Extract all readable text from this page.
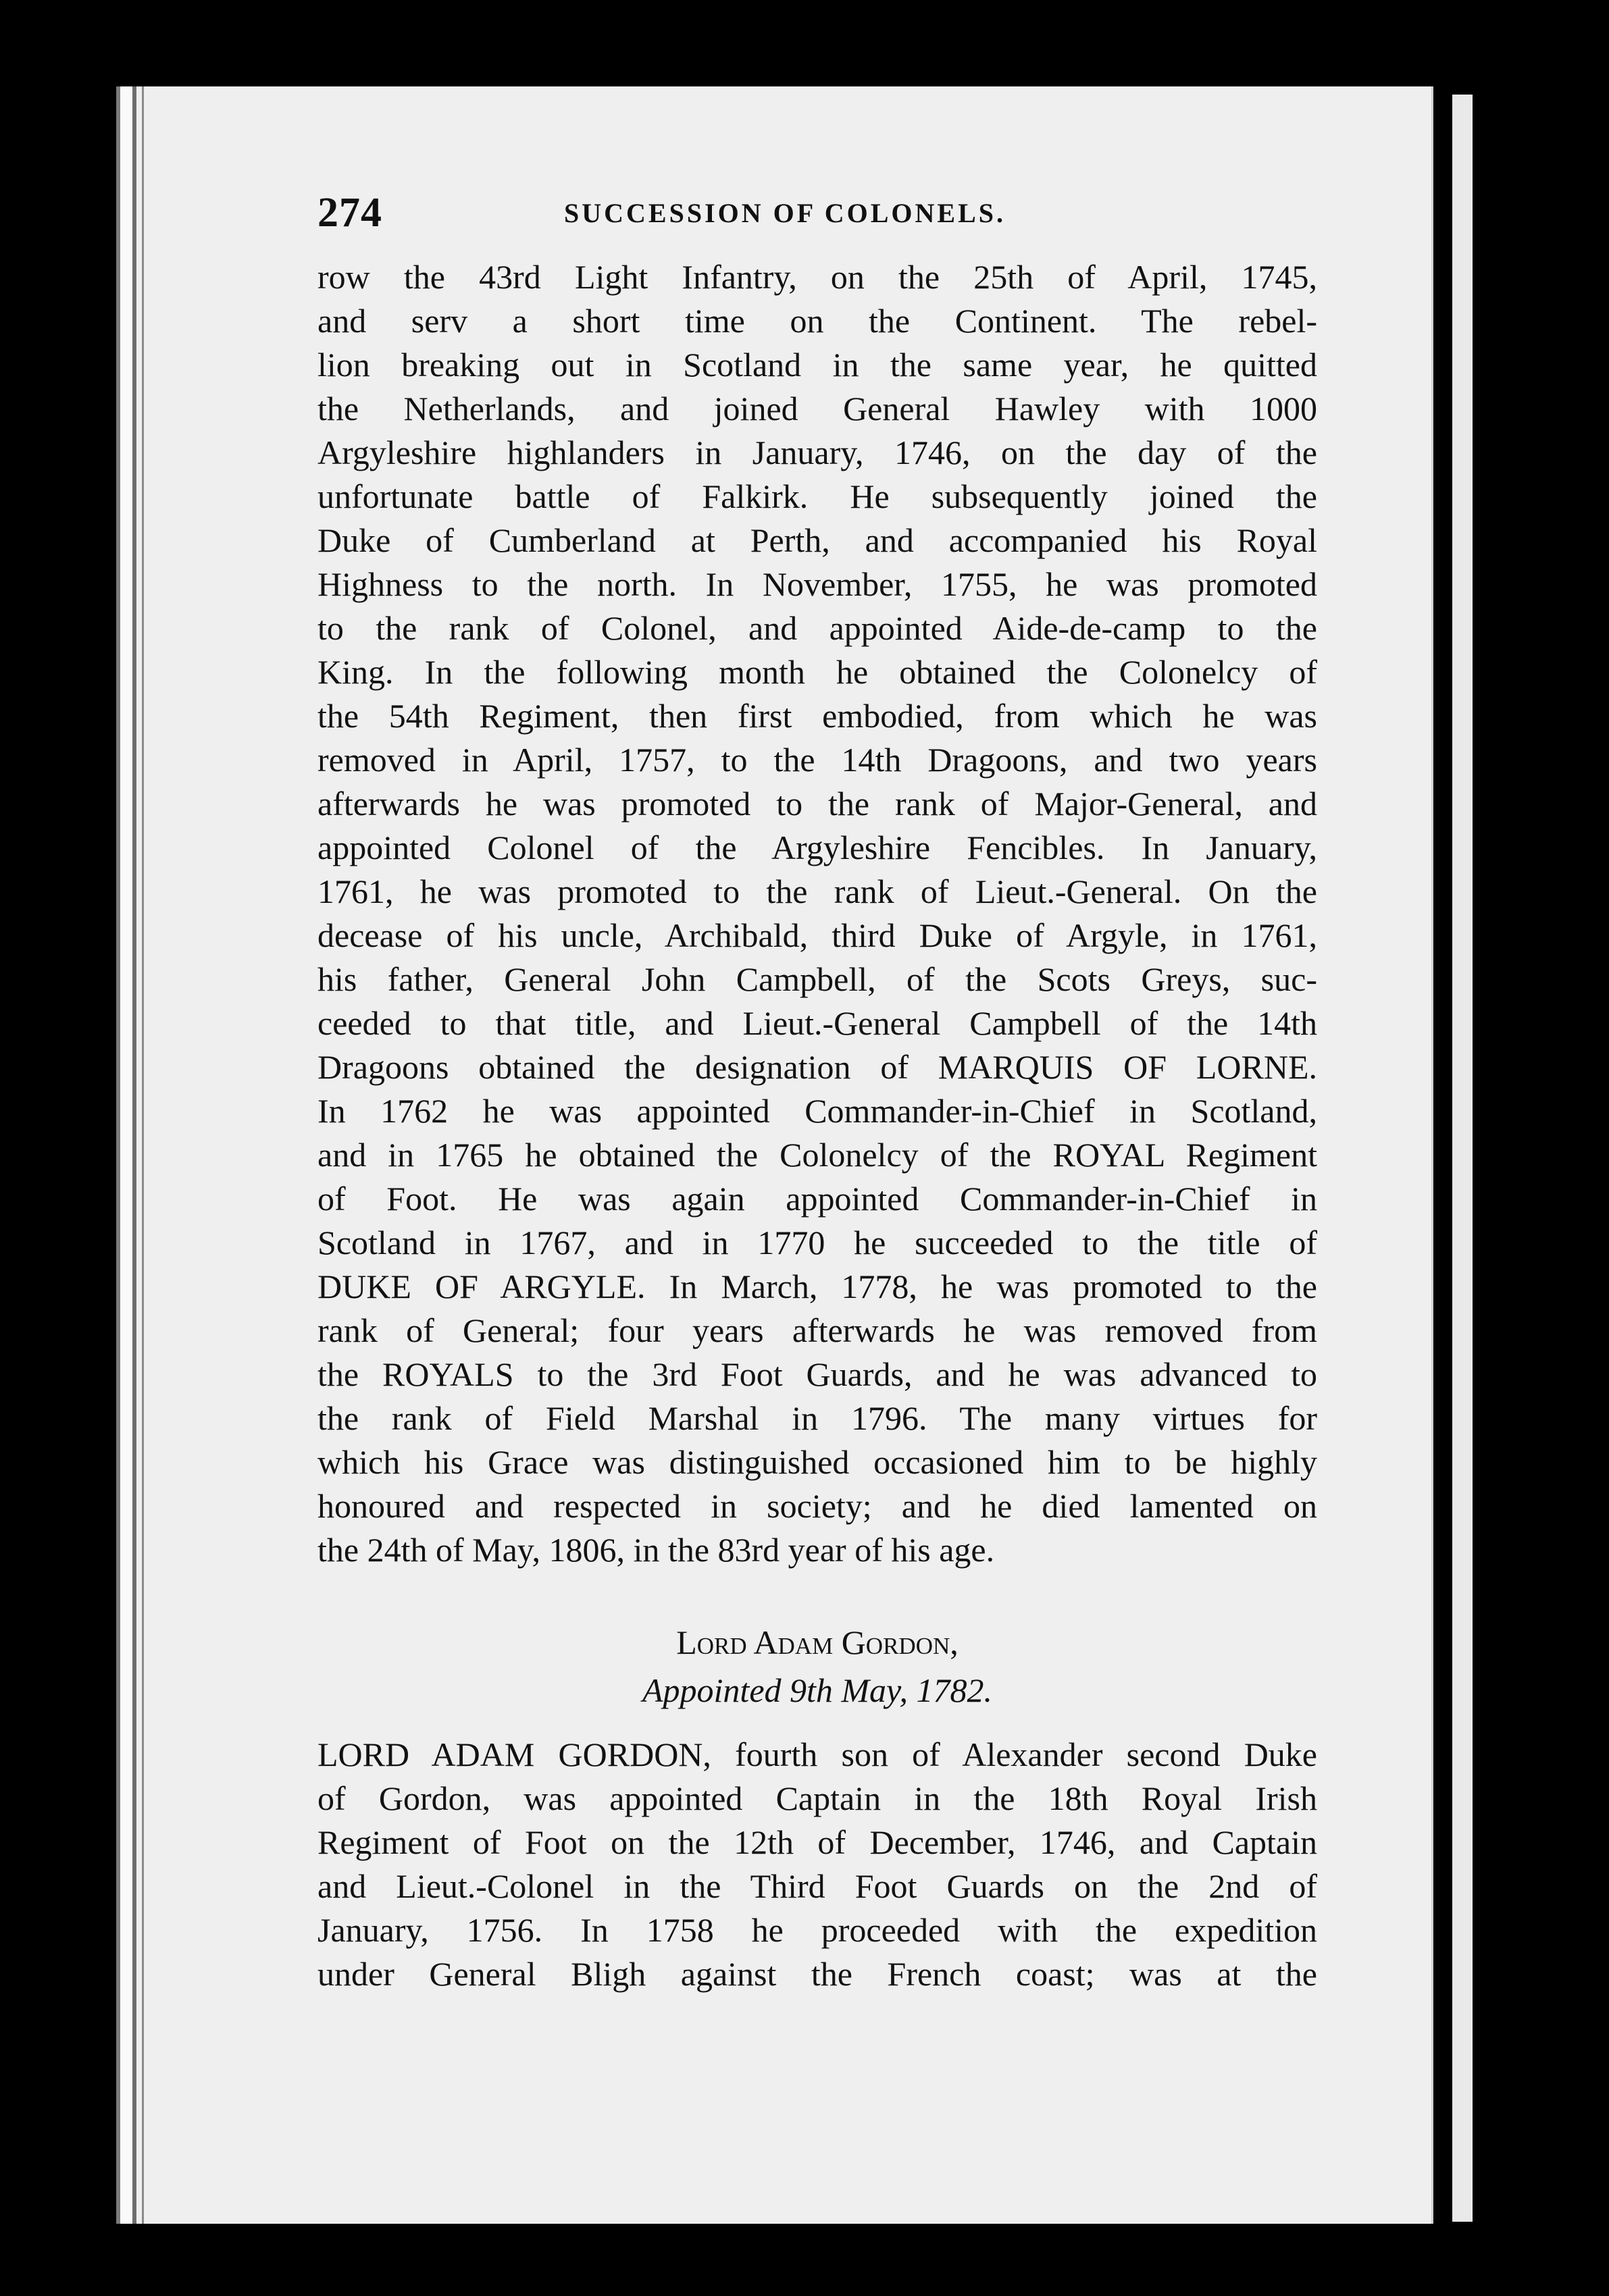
274	SUCCESSION OF COLONELS.
row the 43rd Light Infantry, on the 25th of April, 1745,
and serv a short time on the Continent. The rebel-
lion breaking out in Scotland in the same year, he quitted
the Netherlands, and joined General Hawley with 1000
Argyleshire highlanders in January, 1746, on the day of the
unfortunate battle of Falkirk. He subsequently joined the
Duke of Cumberland at Perth, and accompanied his Royal
Highness to the north. In November, 1755, he was promoted
to the rank of Colonel, and appointed Aide-de-camp to the
King. In the following month he obtained the Colonelcy of
the 54th Regiment, then first embodied, from which he was
removed in April, 1757, to the 14th Dragoons, and two years
afterwards he was promoted to the rank of Major-General, and
appointed Colonel of the Argyleshire Fencibles. In January,
1761, he was promoted to the rank of Lieut.-General. On the
decease of his uncle, Archibald, third Duke of Argyle, in 1761,
his father, General John Campbell, of the Scots Greys, suc-
ceeded to that title, and Lieut.-General Campbell of the 14th
Dragoons obtained the designation of MARQUIS OF LORNE.
In 1762 he was appointed Commander-in-Chief in Scotland,
and in 1765 he obtained the Colonelcy of the ROYAL Regiment
of Foot. He was again appointed Commander-in-Chief in
Scotland in 1767, and in 1770 he succeeded to the title of
DUKE OF ARGYLE. In March, 1778, he was promoted to the
rank of General; four years afterwards he was removed from
the ROYALS to the 3rd Foot Guards, and he was advanced to
the rank of Field Marshal in 1796. The many virtues for
which his Grace was distinguished occasioned him to be highly
honoured and respected in society; and he died lamented on
the 24th of May, 1806, in the 83rd year of his age.
Lord Adam Gordon,
Appointed 9th May, 1782.
LORD ADAM GORDON, fourth son of Alexander second Duke
of Gordon, was appointed Captain in the 18th Royal Irish
Regiment of Foot on the 12th of December, 1746, and Captain
and Lieut.-Colonel in the Third Foot Guards on the 2nd of
January, 1756. In 1758 he proceeded with the expedition
under General Bligh against the French coast; was at the
